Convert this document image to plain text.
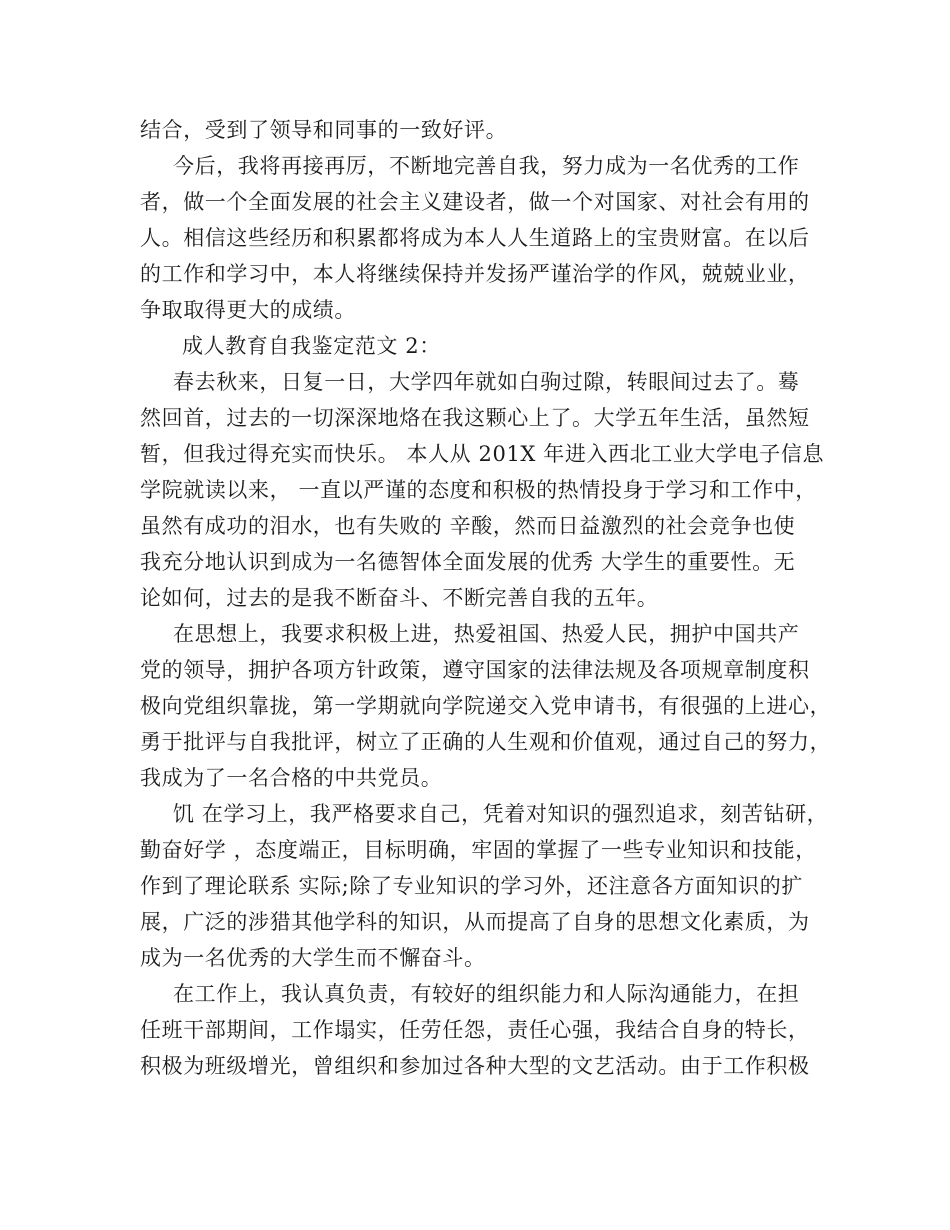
结合，受到了领导和同事的一致好评。
今后，我将再接再厉，不断地完善自我，努力成为一名优秀的工作
者，做一个全面发展的社会主义建设者，做一个对国家、对社会有用的
人。相信这些经历和积累都将成为本人人生道路上的宝贵财富。在以后
的工作和学习中，本人将继续保持并发扬严谨治学的作风，兢兢业业，
争取取得更大的成绩。
成人教育自我鉴定范文 2：
春去秋来，日复一日，大学四年就如白驹过隙，转眼间过去了。蓦
然回首，过去的一切深深地烙在我这颗心上了。大学五年生活，虽然短
暂，但我过得充实而快乐。 本人从 201X 年进入西北工业大学电子信息
学院就读以来， 一直以严谨的态度和积极的热情投身于学习和工作中，
虽然有成功的泪水，也有失败的 辛酸，然而日益激烈的社会竞争也使
我充分地认识到成为一名德智体全面发展的优秀 大学生的重要性。无
论如何，过去的是我不断奋斗、不断完善自我的五年。
在思想上，我要求积极上进，热爱祖国、热爱人民，拥护中国共产
党的领导，拥护各项方针政策，遵守国家的法律法规及各项规章制度积
极向党组织靠拢，第一学期就向学院递交入党申请书，有很强的上进心，
勇于批评与自我批评，树立了正确的人生观和价值观，通过自己的努力，
我成为了一名合格的中共党员。
饥 在学习上，我严格要求自己，凭着对知识的强烈追求，刻苦钻研，
勤奋好学 ，态度端正，目标明确，牢固的掌握了一些专业知识和技能，
作到了理论联系 实际;除了专业知识的学习外，还注意各方面知识的扩
展，广泛的涉猎其他学科的知识，从而提高了自身的思想文化素质，为
成为一名优秀的大学生而不懈奋斗。
在工作上，我认真负责，有较好的组织能力和人际沟通能力，在担
任班干部期间，工作塌实，任劳任怨，责任心强，我结合自身的特长，
积极为班级增光，曾组织和参加过各种大型的文艺活动。由于工作积极
